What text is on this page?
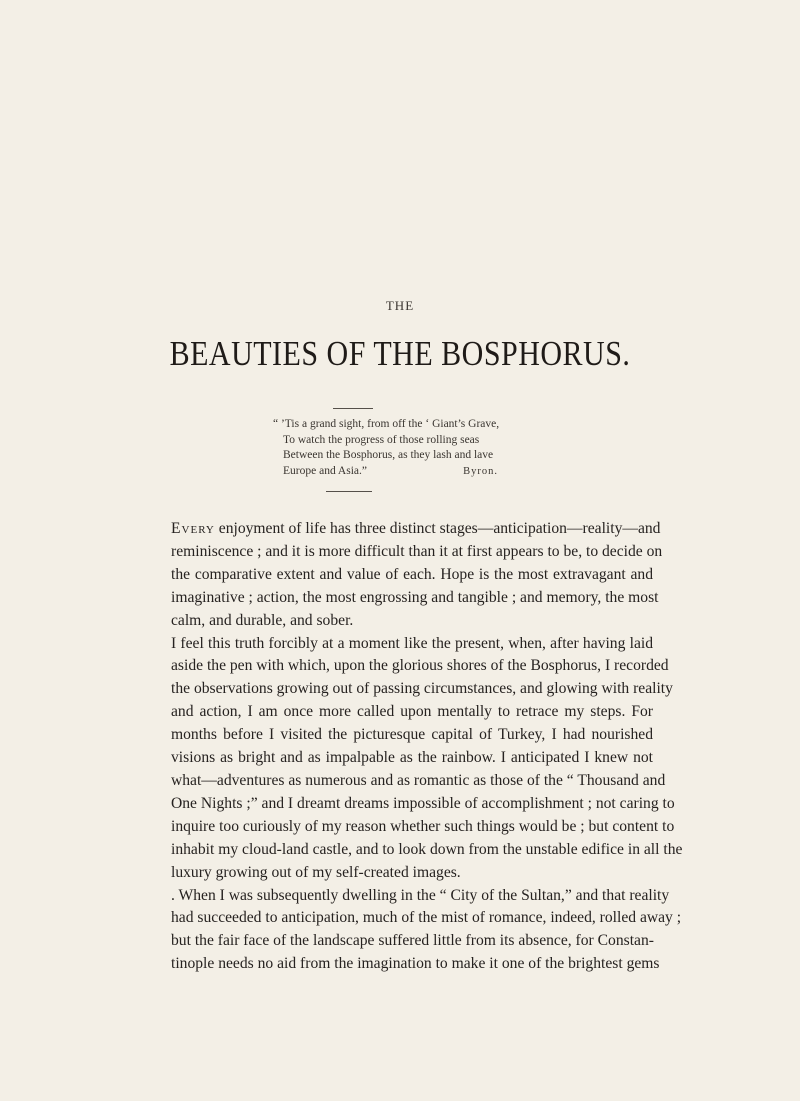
THE
BEAUTIES OF THE BOSPHORUS.
“ ’Tis a grand sight, from off the ‘ Giant’s Grave,
To watch the progress of those rolling seas
Between the Bosphorus, as they lash and lave
Europe and Asia.”	Byron.

Every enjoyment of life has three distinct stages—anticipation—reality—and
reminiscence ; and it is more difficult than it at first appears to be, to decide on
the comparative extent and value of each. Hope is the most extravagant and
imaginative ; action, the most engrossing and tangible ; and memory, the most
calm, and durable, and sober.

I feel this truth forcibly at a moment like the present, when, after having laid
aside the pen with which, upon the glorious shores of the Bosphorus, I recorded
the observations growing out of passing circumstances, and glowing with reality
and action, I am once more called upon mentally to retrace my steps. For
months before I visited the picturesque capital of Turkey, I had nourished
visions as bright and as impalpable as the rainbow. I anticipated I knew not
what—adventures as numerous and as romantic as those of the “ Thousand and
One Nights ;” and I dreamt dreams impossible of accomplishment ; not caring to
inquire too curiously of my reason whether such things would be ; but content to
inhabit my cloud-land castle, and to look down from the unstable edifice in all the
luxury growing out of my self-created images.

. When I was subsequently dwelling in the “ City of the Sultan,” and that reality
had succeeded to anticipation, much of the mist of romance, indeed, rolled away ;
but the fair face of the landscape suffered little from its absence, for Constan-
tinople needs no aid from the imagination to make it one of the brightest gems
